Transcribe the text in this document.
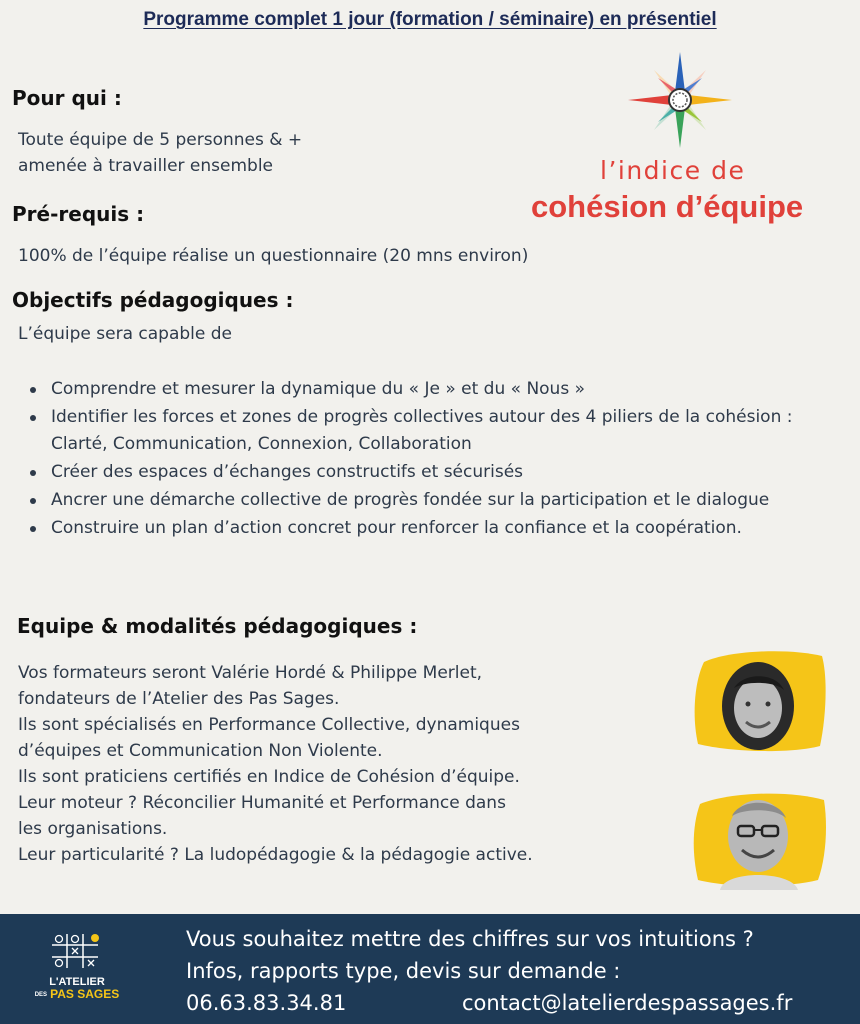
Programme complet 1 jour (formation / séminaire) en présentiel
l’indice de
cohésion d’équipe
Pour qui :
Toute équipe de 5 personnes & +
amenée à travailler ensemble
Pré-requis :
100% de l’équipe réalise un questionnaire (20 mns environ)
Objectifs pédagogiques :
L’équipe sera capable de
Comprendre et mesurer la dynamique du « Je » et du « Nous »
Identifier les forces et zones de progrès collectives autour des 4 piliers de la cohésion : Clarté, Communication, Connexion, Collaboration
Créer des espaces d’échanges constructifs et sécurisés
Ancrer une démarche collective de progrès fondée sur la participation et le dialogue
Construire un plan d’action concret pour renforcer la confiance et la coopération.
Equipe & modalités pédagogiques :
Vos formateurs seront Valérie Hordé & Philippe Merlet,
fondateurs de l’Atelier des Pas Sages.
Ils sont spécialisés en Performance Collective, dynamiques
d’équipes et Communication Non Violente.
Ils sont praticiens certifiés en Indice de Cohésion d’équipe.
Leur moteur ? Réconcilier Humanité et Performance dans
les organisations.
Leur particularité ? La ludopédagogie & la pédagogie active.
L'ATELIER
DES PAS SAGES
Vous souhaitez mettre des chiffres sur vos intuitions ?
Infos, rapports type, devis sur demande :
06.63.83.34.81	contact@latelierdespassages.fr
